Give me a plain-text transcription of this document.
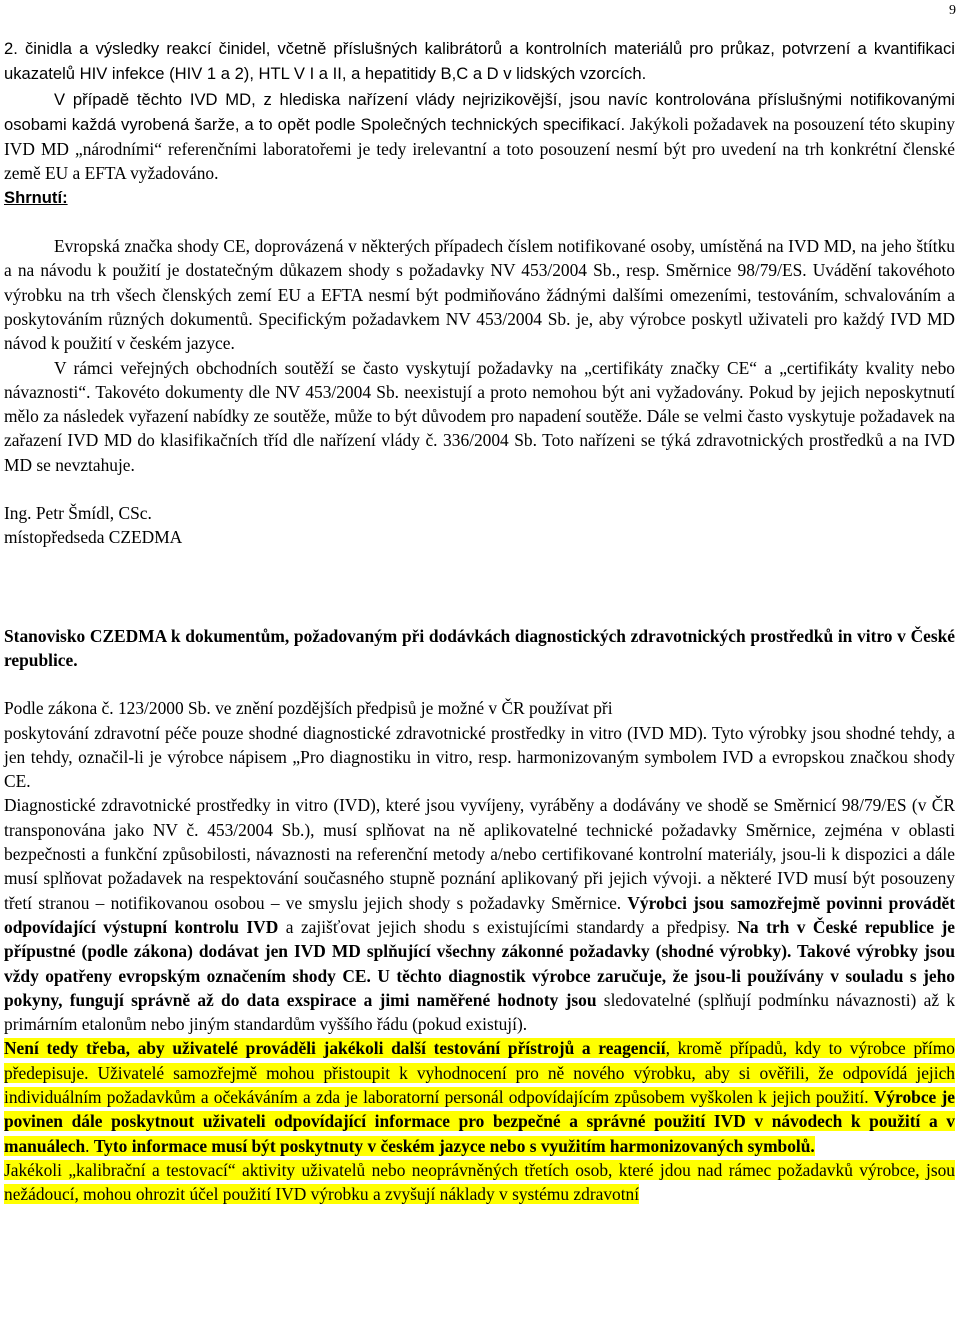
9

2. činidla a výsledky reakcí činidel, včetně příslušných kalibrátorů a kontrolních materiálů pro průkaz, potvrzení a kvantifikaci ukazatelů HIV infekce (HIV 1 a 2), HTL V I a II, a hepatitidy B,C a D v lidských vzorcích.

V případě těchto IVD MD, z hlediska nařízení vlády nejrizikovější, jsou navíc kontrolována příslušnými notifikovanými osobami každá vyrobená šarže, a to opět podle Společných technických specifikací. Jakýkoli požadavek na posouzení této skupiny IVD MD „národními“ referenčními laboratořemi je tedy irelevantní a toto posouzení nesmí být pro uvedení na trh konkrétní členské země EU a EFTA vyžadováno.

Shrnutí:

Evropská značka shody CE, doprovázená v některých případech číslem notifikované osoby, umístěná na IVD MD, na jeho štítku a na návodu k použití je dostatečným důkazem shody s požadavky NV 453/2004 Sb., resp. Směrnice 98/79/ES. Uvádění takovéhoto výrobku na trh všech členských zemí EU a EFTA nesmí být podmiňováno žádnými dalšími omezeními, testováním, schvalováním a poskytováním různých dokumentů. Specifickým požadavkem NV 453/2004 Sb. je, aby výrobce poskytl uživateli pro každý IVD MD návod k použití v českém jazyce.

V rámci veřejných obchodních soutěží se často vyskytují požadavky na „certifikáty značky CE“ a „certifikáty kvality nebo návaznosti“. Takovéto dokumenty dle NV 453/2004 Sb. neexistují a proto nemohou být ani vyžadovány. Pokud by jejich neposkytnutí mělo za následek vyřazení nabídky ze soutěže, může to být důvodem pro napadení soutěže. Dále se velmi často vyskytuje požadavek na zařazení IVD MD do klasifikačních tříd dle nařízení vlády č. 336/2004 Sb. Toto nařízeni se týká zdravotnických prostředků a na IVD MD se nevztahuje.

Ing. Petr Šmídl, CSc.

místopředseda CZEDMA

Stanovisko CZEDMA k dokumentům, požadovaným při dodávkách diagnostických zdravotnických prostředků in vitro v České republice.

Podle zákona č. 123/2000 Sb. ve znění pozdějších předpisů je možné v ČR používat při

poskytování zdravotní péče pouze shodné diagnostické zdravotnické prostředky in vitro (IVD MD). Tyto výrobky jsou shodné tehdy, a jen tehdy, označil-li je výrobce nápisem „Pro diagnostiku in vitro, resp. harmonizovaným symbolem IVD a evropskou značkou shody CE.

Diagnostické zdravotnické prostředky in vitro (IVD), které jsou vyvíjeny, vyráběny a dodávány ve shodě se Směrnicí 98/79/ES (v ČR transponována jako NV č. 453/2004 Sb.), musí splňovat na ně aplikovatelné technické požadavky Směrnice, zejména v oblasti bezpečnosti a funkční způsobilosti, návaznosti na referenční metody a/nebo certifikované kontrolní materiály, jsou-li k dispozici a dále musí splňovat požadavek na respektování současného stupně poznání aplikovaný při jejich vývoji. a některé IVD musí být posouzeny třetí stranou – notifikovanou osobou – ve smyslu jejich shody s požadavky Směrnice. Výrobci jsou samozřejmě povinni provádět odpovídající výstupní kontrolu IVD a zajišťovat jejich shodu s existujícími standardy a předpisy. Na trh v České republice je přípustné (podle zákona) dodávat jen IVD MD splňující všechny zákonné požadavky (shodné výrobky). Takové výrobky jsou vždy opatřeny evropským označením shody CE. U těchto diagnostik výrobce zaručuje, že jsou-li používány v souladu s jeho pokyny, fungují správně až do data exspirace a jimi naměřené hodnoty jsou sledovatelné (splňují podmínku návaznosti) až k primárním etalonům nebo jiným standardům vyššího řádu (pokud existují).

Není tedy třeba, aby uživatelé prováděli jakékoli další testování přístrojů a reagencií, kromě případů, kdy to výrobce přímo předepisuje. Uživatelé samozřejmě mohou přistoupit k vyhodnocení pro ně nového výrobku, aby si ověřili, že odpovídá jejich individuálním požadavkům a očekáváním a zda je laboratorní personál odpovídajícím způsobem vyškolen k jejich použití. Výrobce je povinen dále poskytnout uživateli odpovídající informace pro bezpečné a správné použití IVD v návodech k použití a v manuálech. Tyto informace musí být poskytnuty v českém jazyce nebo s využitím harmonizovaných symbolů.

Jakékoli „kalibrační a testovací“ aktivity uživatelů nebo neoprávněných třetích osob, které jdou nad rámec požadavků výrobce, jsou nežádoucí, mohou ohrozit účel použití IVD výrobku a zvyšují náklady v systému zdravotní
